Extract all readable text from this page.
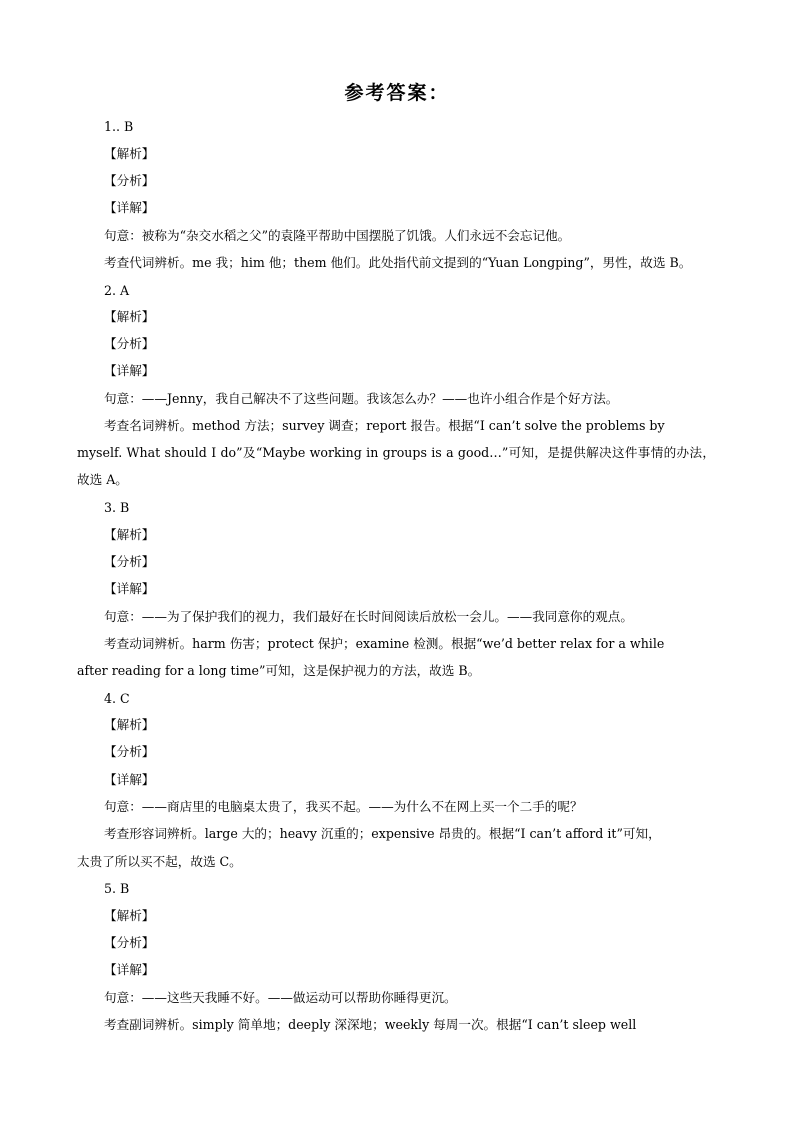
参考答案：
1.. B
【解析】
【分析】
【详解】
句意：被称为“杂交水稻之父”的袁隆平帮助中国摆脱了饥饿。人们永远不会忘记他。
考查代词辨析。me 我；him 他；them 他们。此处指代前文提到的“Yuan Longping”，男性，故选 B。
2. A
【解析】
【分析】
【详解】
句意：——Jenny，我自己解决不了这些问题。我该怎么办？——也许小组合作是个好方法。
考查名词辨析。method 方法；survey 调查；report 报告。根据“I can’t solve the problems by
myself. What should I do”及“Maybe working in groups is a good…”可知，是提供解决这件事情的办法，
故选 A。
3. B
【解析】
【分析】
【详解】
句意：——为了保护我们的视力，我们最好在长时间阅读后放松一会儿。——我同意你的观点。
考查动词辨析。harm 伤害；protect 保护；examine 检测。根据“we’d better relax for a while
after reading for a long time”可知，这是保护视力的方法，故选 B。
4. C
【解析】
【分析】
【详解】
句意：——商店里的电脑桌太贵了，我买不起。——为什么不在网上买一个二手的呢？
考查形容词辨析。large 大的；heavy 沉重的；expensive 昂贵的。根据“I can’t afford it”可知，
太贵了所以买不起，故选 C。
5. B
【解析】
【分析】
【详解】
句意：——这些天我睡不好。——做运动可以帮助你睡得更沉。
考查副词辨析。simply 简单地；deeply 深深地；weekly 每周一次。根据“I can’t sleep well
